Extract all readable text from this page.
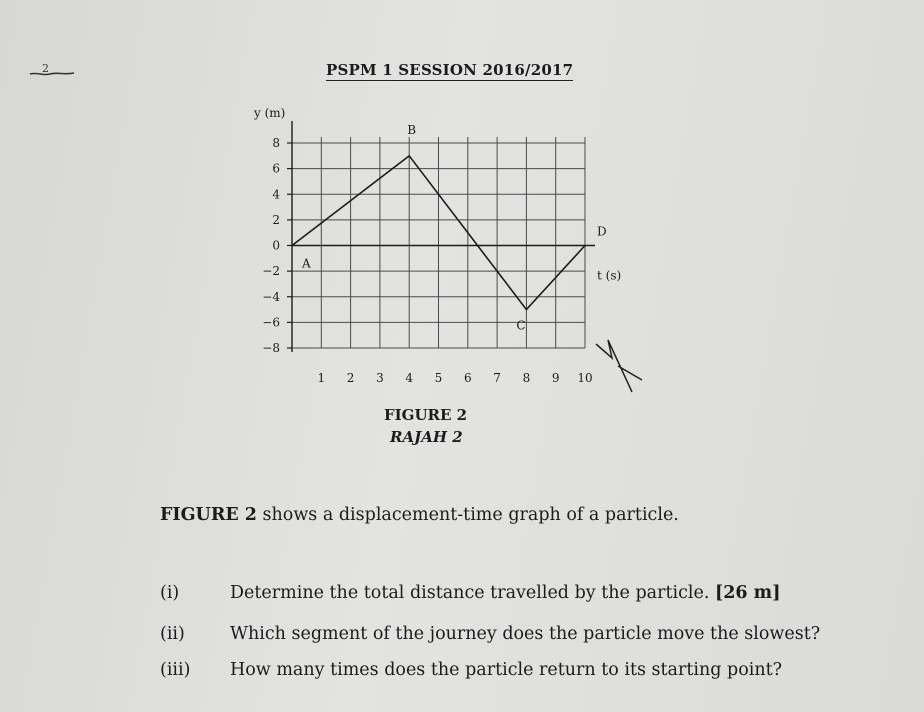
2	PSPM 1 SESSION 2016/2017
8
6
4
2
0
−2
−4
−6
−8
1 2 3 4 5 6 7 8 9 10
y (m)
t (s)
A
B
C
D
FIGURE 2
RAJAH 2
FIGURE 2 shows a displacement-time graph of a particle.
(i)	Determine the total distance travelled by the particle. [26 m]
(ii)	Which segment of the journey does the particle move the slowest?
(iii) How many times does the particle return to its starting point?
